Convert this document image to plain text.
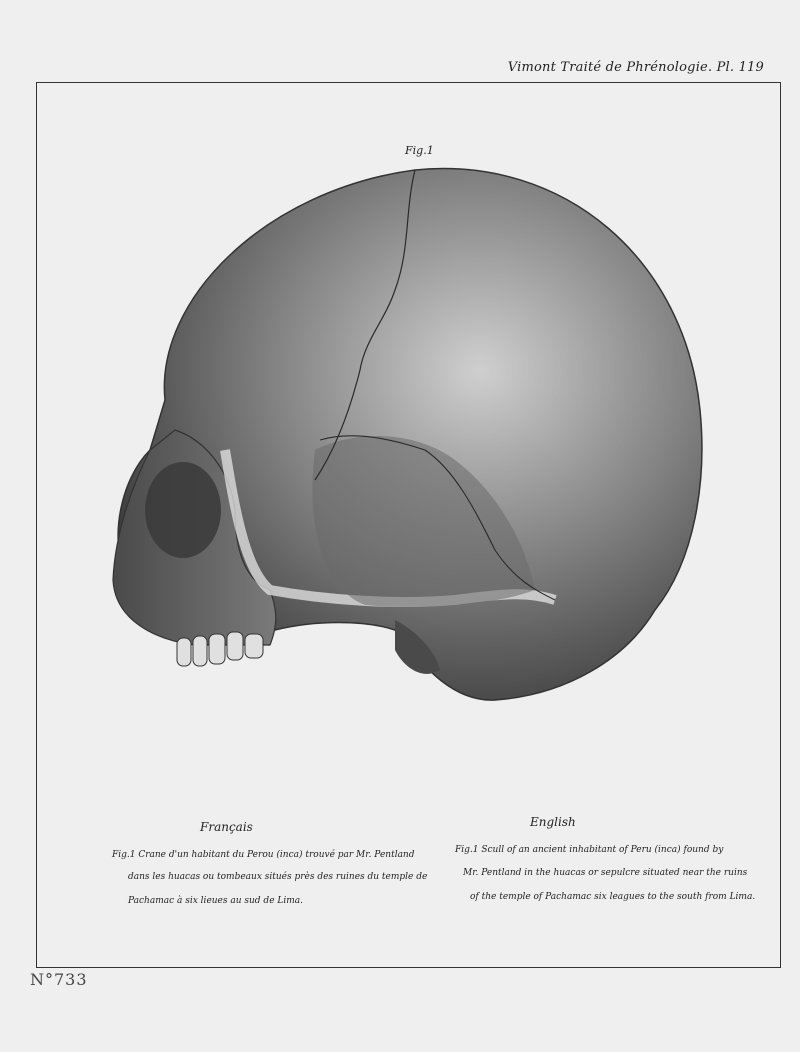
Vimont Traité de Phrénologie. Pl. 119
Fig.1
Français
Fig.1 Crane d'un habitant du Perou (inca) trouvé par Mr. Pentland
dans les huacas ou tombeaux situés près des ruines du temple de
Pachamac à six lieues au sud de Lima.
English
Fig.1 Scull of an ancient inhabitant of Peru (inca) found by
Mr. Pentland in the huacas or sepulcre situated near the ruins
of the temple of Pachamac six leagues to the south from Lima.
N°733
